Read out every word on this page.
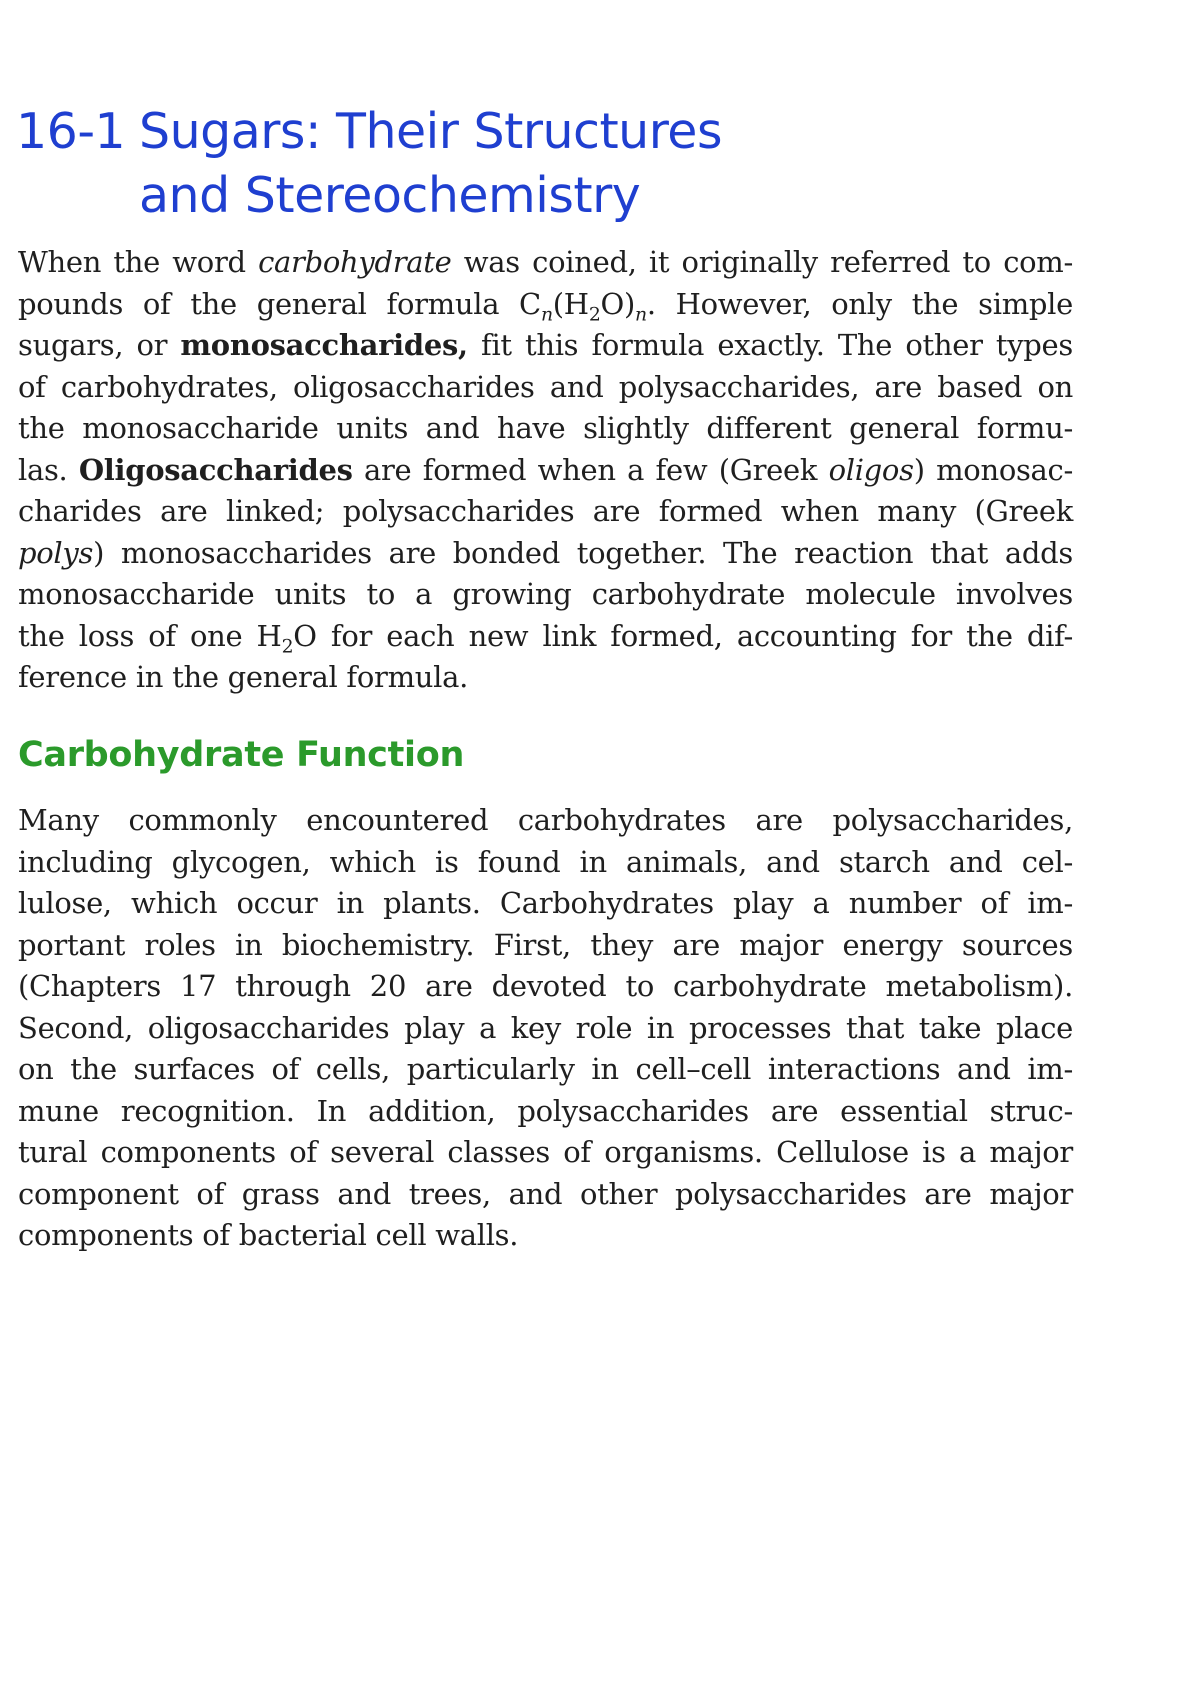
16-1 Sugars: Their Structures
and Stereochemistry

When the word carbohydrate was coined, it originally referred to com-
pounds of the general formula $C_n(H_2O)_n$. However, only the simple
sugars, or monosaccharides, fit this formula exactly. The other types
of carbohydrates, oligosaccharides and polysaccharides, are based on
the monosaccharide units and have slightly different general formu-
las. Oligosaccharides are formed when a few (Greek oligos) monosac-
charides are linked; polysaccharides are formed when many (Greek
polys) monosaccharides are bonded together. The reaction that adds
monosaccharide units to a growing carbohydrate molecule involves
the loss of one $H_2O$ for each new link formed, accounting for the dif-
ference in the general formula.

Carbohydrate Function

Many commonly encountered carbohydrates are polysaccharides,
including glycogen, which is found in animals, and starch and cel-
lulose, which occur in plants. Carbohydrates play a number of im-
portant roles in biochemistry. First, they are major energy sources
(Chapters 17 through 20 are devoted to carbohydrate metabolism).
Second, oligosaccharides play a key role in processes that take place
on the surfaces of cells, particularly in cell–cell interactions and im-
mune recognition. In addition, polysaccharides are essential struc-
tural components of several classes of organisms. Cellulose is a major
component of grass and trees, and other polysaccharides are major
components of bacterial cell walls.
